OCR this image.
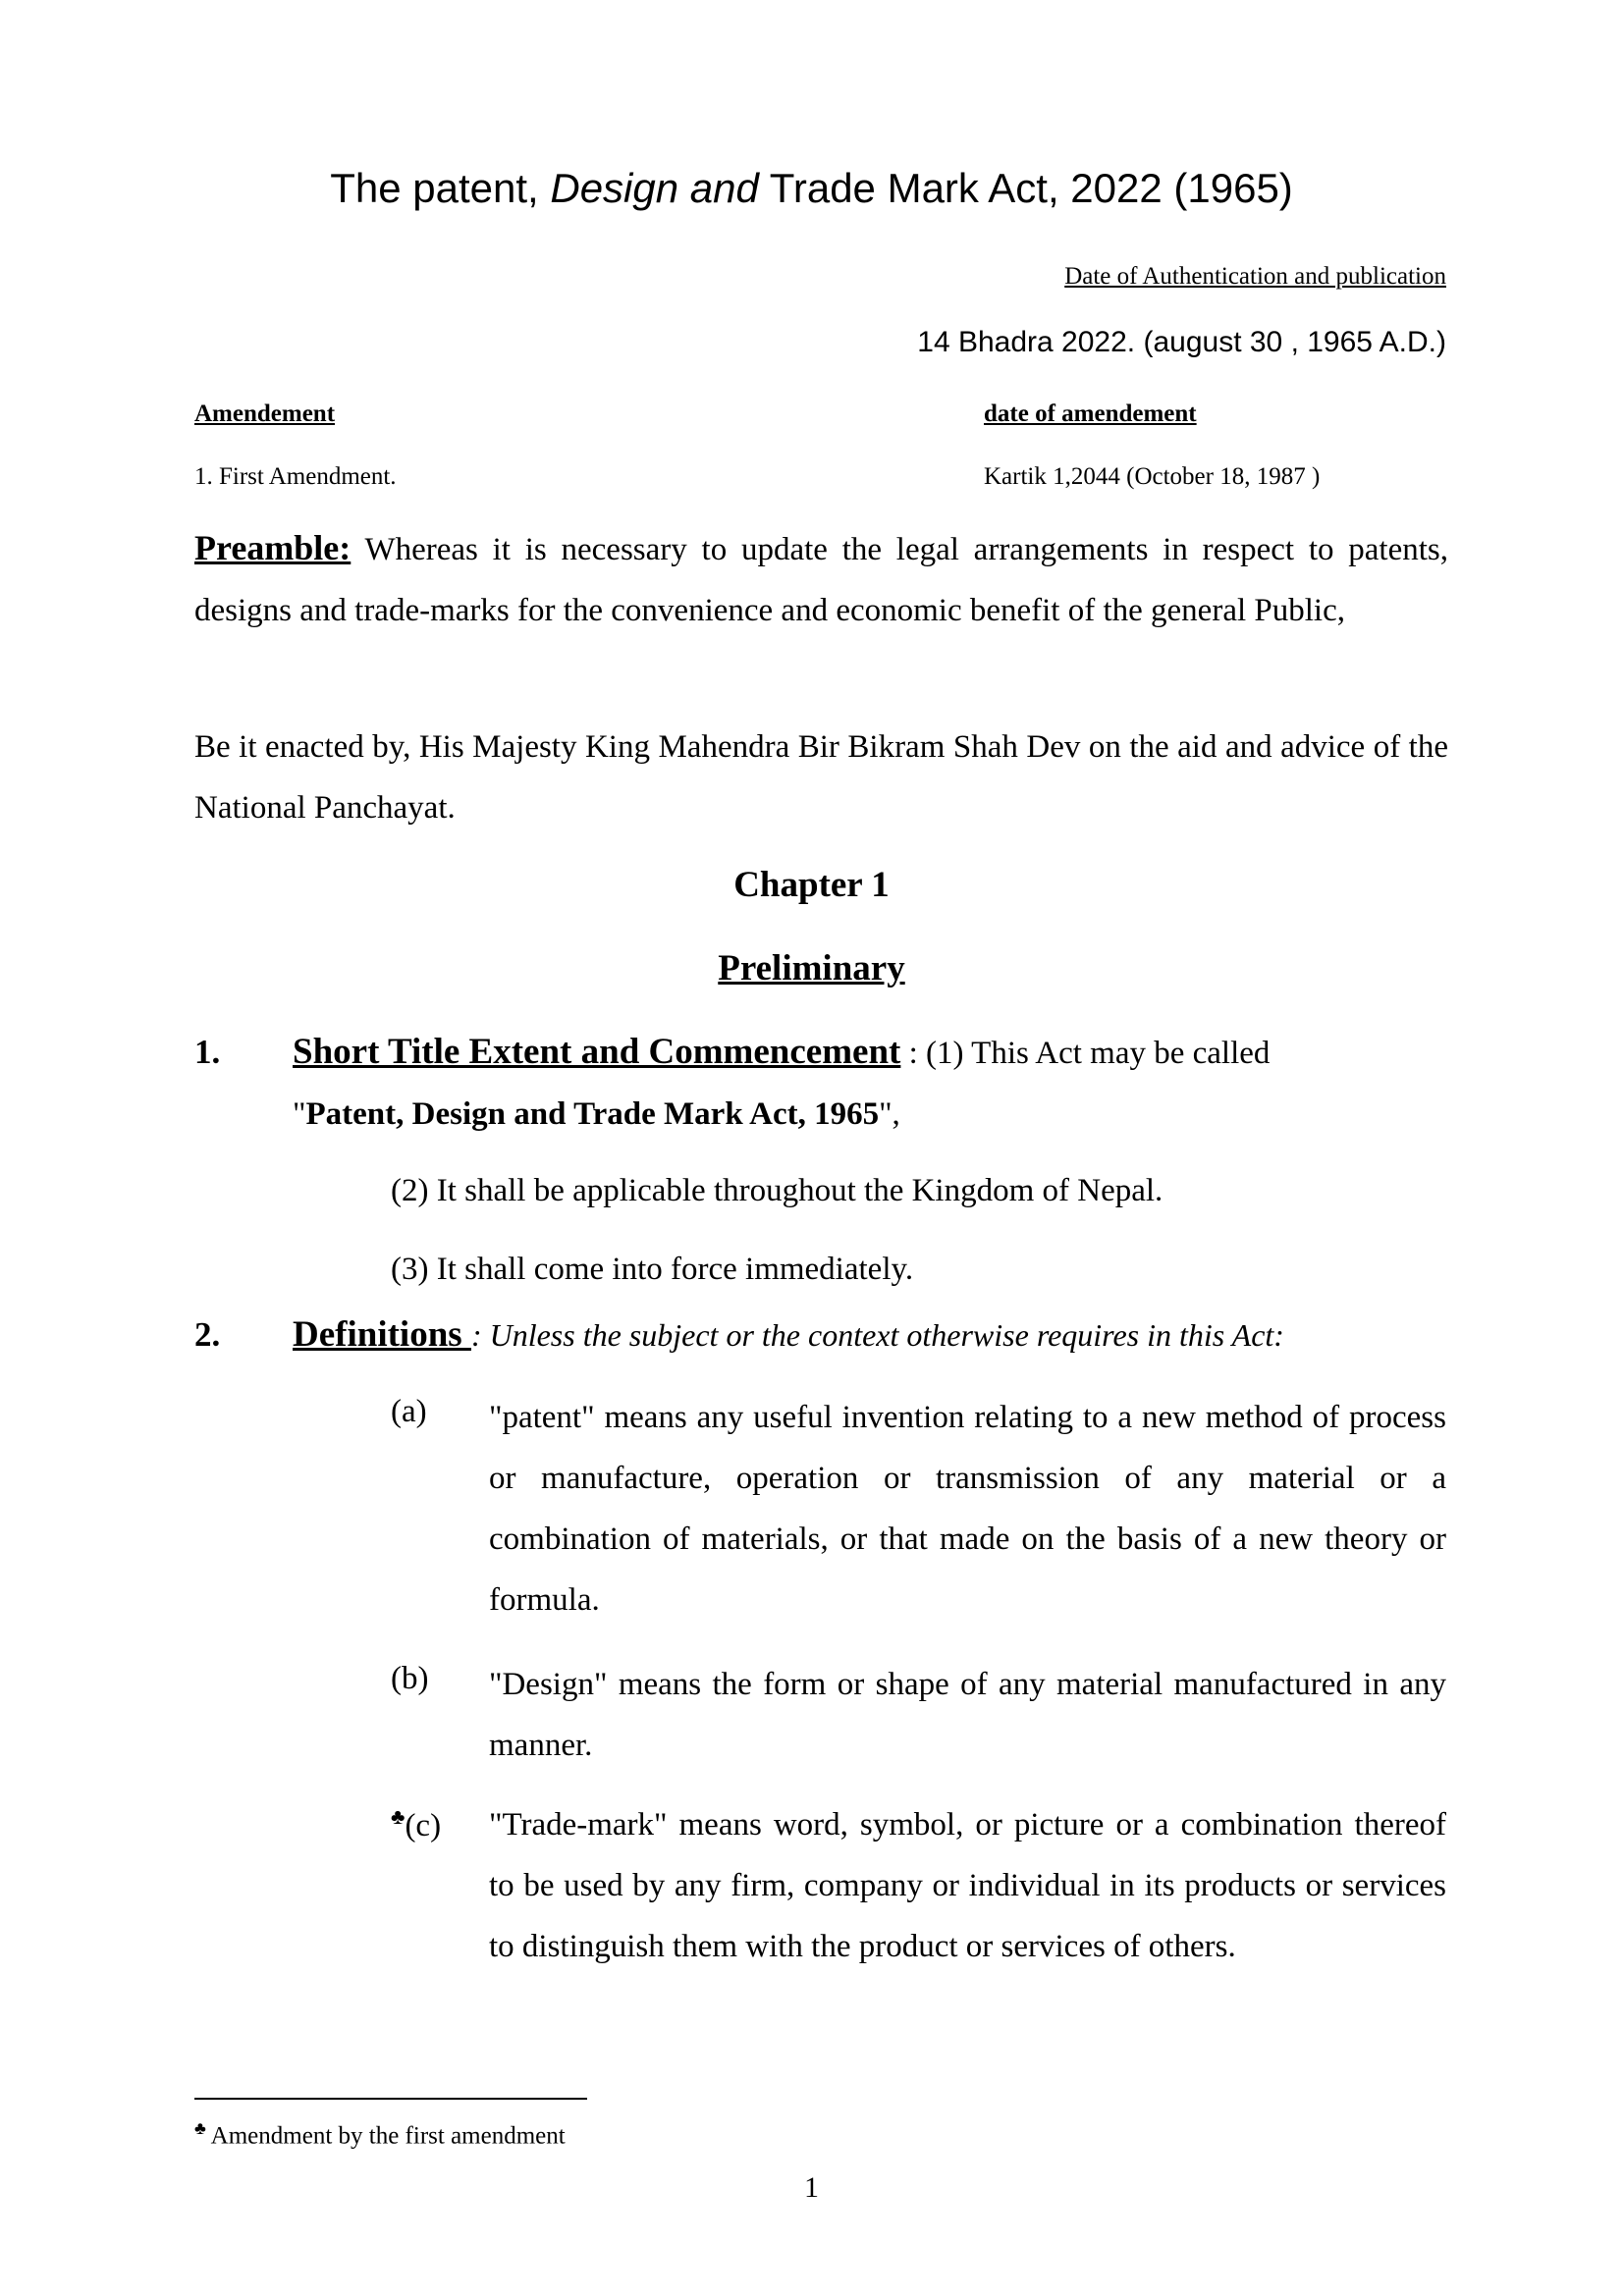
The patent, Design and Trade Mark Act, 2022 (1965)
Date of Authentication and publication
14 Bhadra 2022. (august 30 , 1965 A.D.)
Amendement	date of amendement
1. First Amendment.	Kartik 1,2044 (October 18, 1987 )
Preamble: Whereas it is necessary to update the legal arrangements in respect to patents, designs and trade-marks for the convenience and economic benefit of the general Public,
Be it enacted by, His Majesty King Mahendra Bir Bikram Shah Dev on the aid and advice of the National Panchayat.
Chapter 1
Preliminary
1. Short Title Extent and Commencement : (1) This Act may be called
"Patent, Design and Trade Mark Act, 1965",
(2) It shall be applicable throughout the Kingdom of Nepal.
(3) It shall come into force immediately.
2. Definitions : Unless the subject or the context otherwise requires in this Act:
(a) "patent" means any useful invention relating to a new method of process or manufacture, operation or transmission of any material or a combination of materials, or that made on the basis of a new theory or formula.
(b) "Design" means the form or shape of any material manufactured in any manner.
♣(c) "Trade-mark" means word, symbol, or picture or a combination thereof to be used by any firm, company or individual in its products or services to distinguish them with the product or services of others.
♣ Amendment by the first amendment
1
